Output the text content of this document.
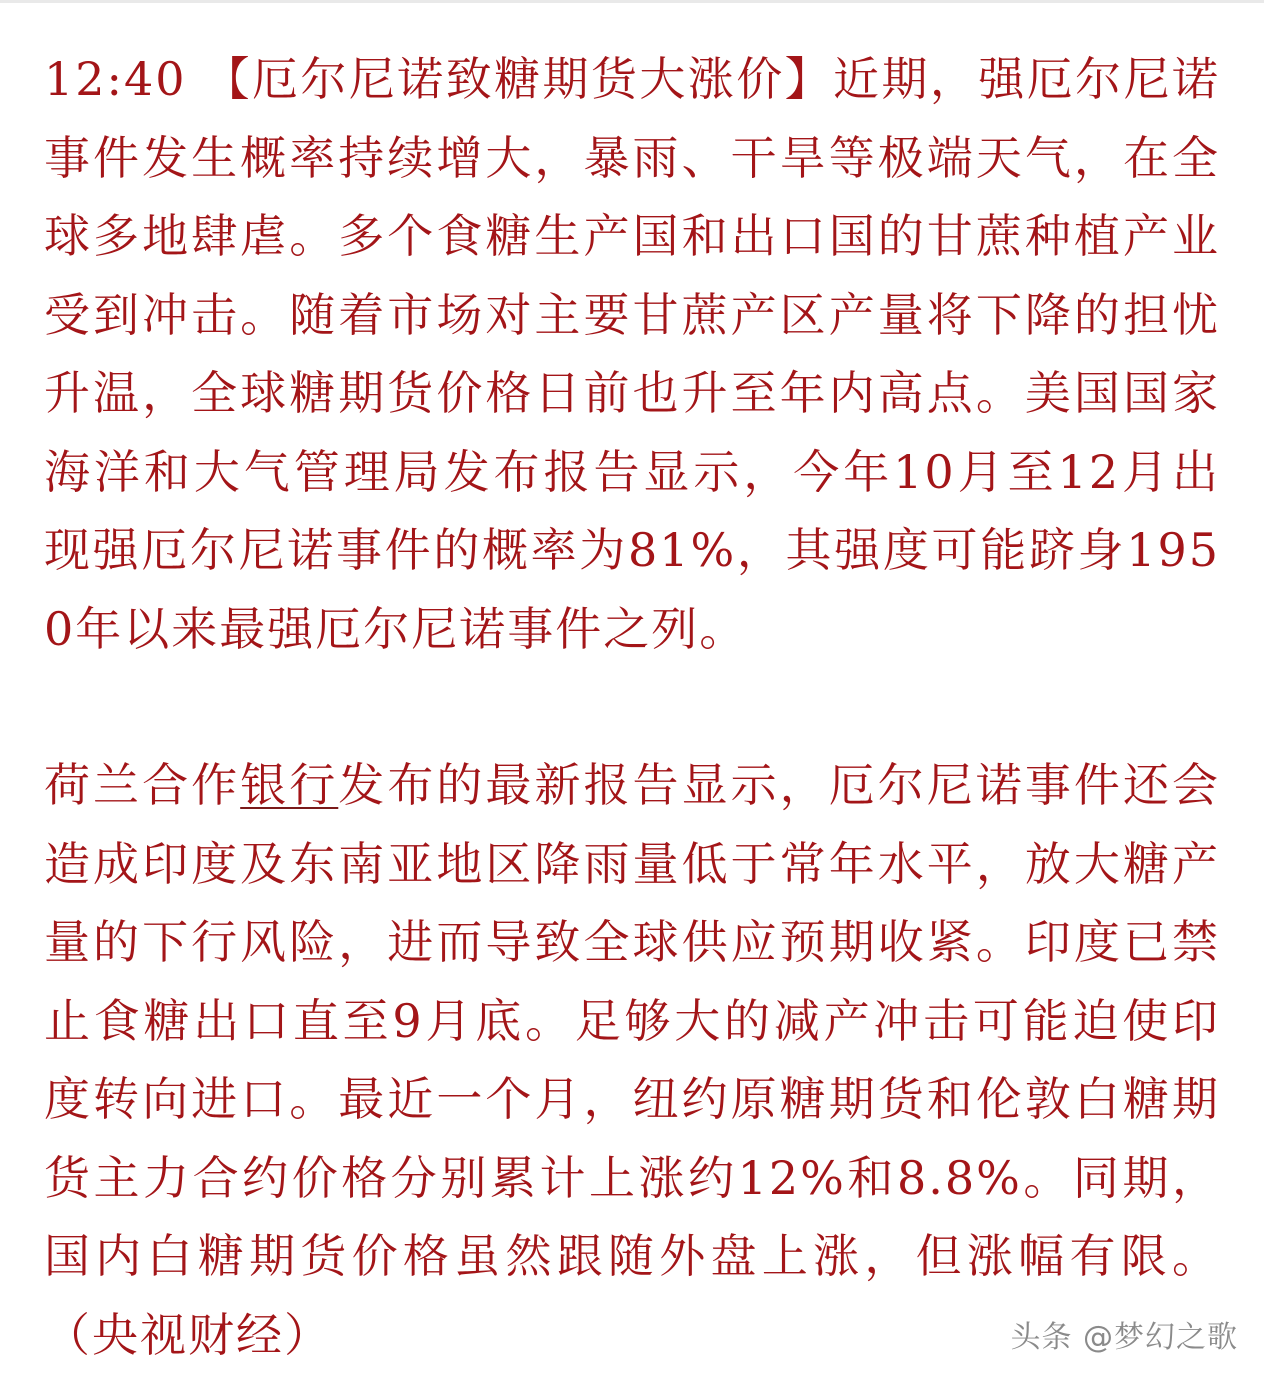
12:40 【厄尔尼诺致糖期货大涨价】近期，强厄尔尼诺事件发生概率持续增大，暴雨、干旱等极端天气，在全球多地肆虐。多个食糖生产国和出口国的甘蔗种植产业受到冲击。随着市场对主要甘蔗产区产量将下降的担忧升温，全球糖期货价格日前也升至年内高点。美国国家海洋和大气管理局发布报告显示，今年10月至12月出现强厄尔尼诺事件的概率为81%，其强度可能跻身1950年以来最强厄尔尼诺事件之列。

荷兰合作银行发布的最新报告显示，厄尔尼诺事件还会造成印度及东南亚地区降雨量低于常年水平，放大糖产量的下行风险，进而导致全球供应预期收紧。印度已禁止食糖出口直至9月底。足够大的减产冲击可能迫使印度转向进口。最近一个月，纽约原糖期货和伦敦白糖期货主力合约价格分别累计上涨约12%和8.8%。同期，国内白糖期货价格虽然跟随外盘上涨，但涨幅有限。（央视财经）	头条 @梦幻之歌
